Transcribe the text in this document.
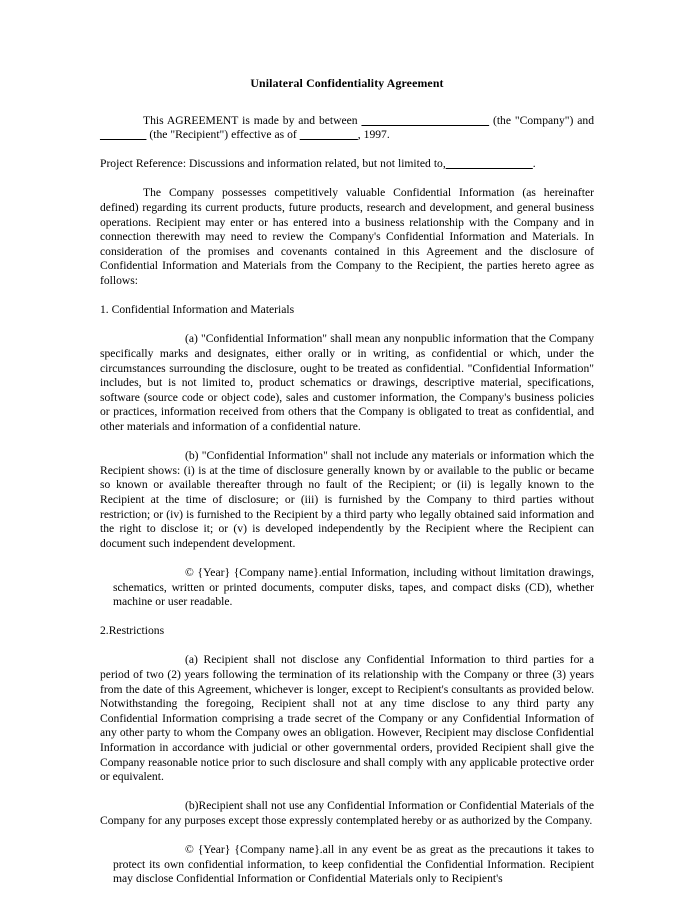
Unilateral Confidentiality Agreement

This AGREEMENT is made by and between ______________________ (the "Company") and ________ (the "Recipient") effective as of __________, 1997.

Project Reference: Discussions and information related, but not limited to,_______________.

The Company possesses competitively valuable Confidential Information (as hereinafter defined) regarding its current products, future products, research and development, and general business operations. Recipient may enter or has entered into a business relationship with the Company and in connection therewith may need to review the Company's Confidential Information and Materials. In consideration of the promises and covenants contained in this Agreement and the disclosure of Confidential Information and Materials from the Company to the Recipient, the parties hereto agree as follows:

1. Confidential Information and Materials

(a) "Confidential Information" shall mean any nonpublic information that the Company specifically marks and designates, either orally or in writing, as confidential or which, under the circumstances surrounding the disclosure, ought to be treated as confidential. "Confidential Information" includes, but is not limited to, product schematics or drawings, descriptive material, specifications, software (source code or object code), sales and customer information, the Company's business policies or practices, information received from others that the Company is obligated to treat as confidential, and other materials and information of a confidential nature.

(b) "Confidential Information" shall not include any materials or information which the Recipient shows: (i) is at the time of disclosure generally known by or available to the public or became so known or available thereafter through no fault of the Recipient; or (ii) is legally known to the Recipient at the time of disclosure; or (iii) is furnished by the Company to third parties without restriction; or (iv) is furnished to the Recipient by a third party who legally obtained said information and the right to disclose it; or (v) is developed independently by the Recipient where the Recipient can document such independent development.

© {Year} {Company name}.ential Information, including without limitation drawings, schematics, written or printed documents, computer disks, tapes, and compact disks (CD), whether machine or user readable.

2.Restrictions

(a) Recipient shall not disclose any Confidential Information to third parties for a period of two (2) years following the termination of its relationship with the Company or three (3) years from the date of this Agreement, whichever is longer, except to Recipient's consultants as provided below. Notwithstanding the foregoing, Recipient shall not at any time disclose to any third party any Confidential Information comprising a trade secret of the Company or any Confidential Information of any other party to whom the Company owes an obligation. However, Recipient may disclose Confidential Information in accordance with judicial or other governmental orders, provided Recipient shall give the Company reasonable notice prior to such disclosure and shall comply with any applicable protective order or equivalent.

(b)Recipient shall not use any Confidential Information or Confidential Materials of the Company for any purposes except those expressly contemplated hereby or as authorized by the Company.

© {Year} {Company name}.all in any event be as great as the precautions it takes to protect its own confidential information, to keep confidential the Confidential Information. Recipient may disclose Confidential Information or Confidential Materials only to Recipient's
